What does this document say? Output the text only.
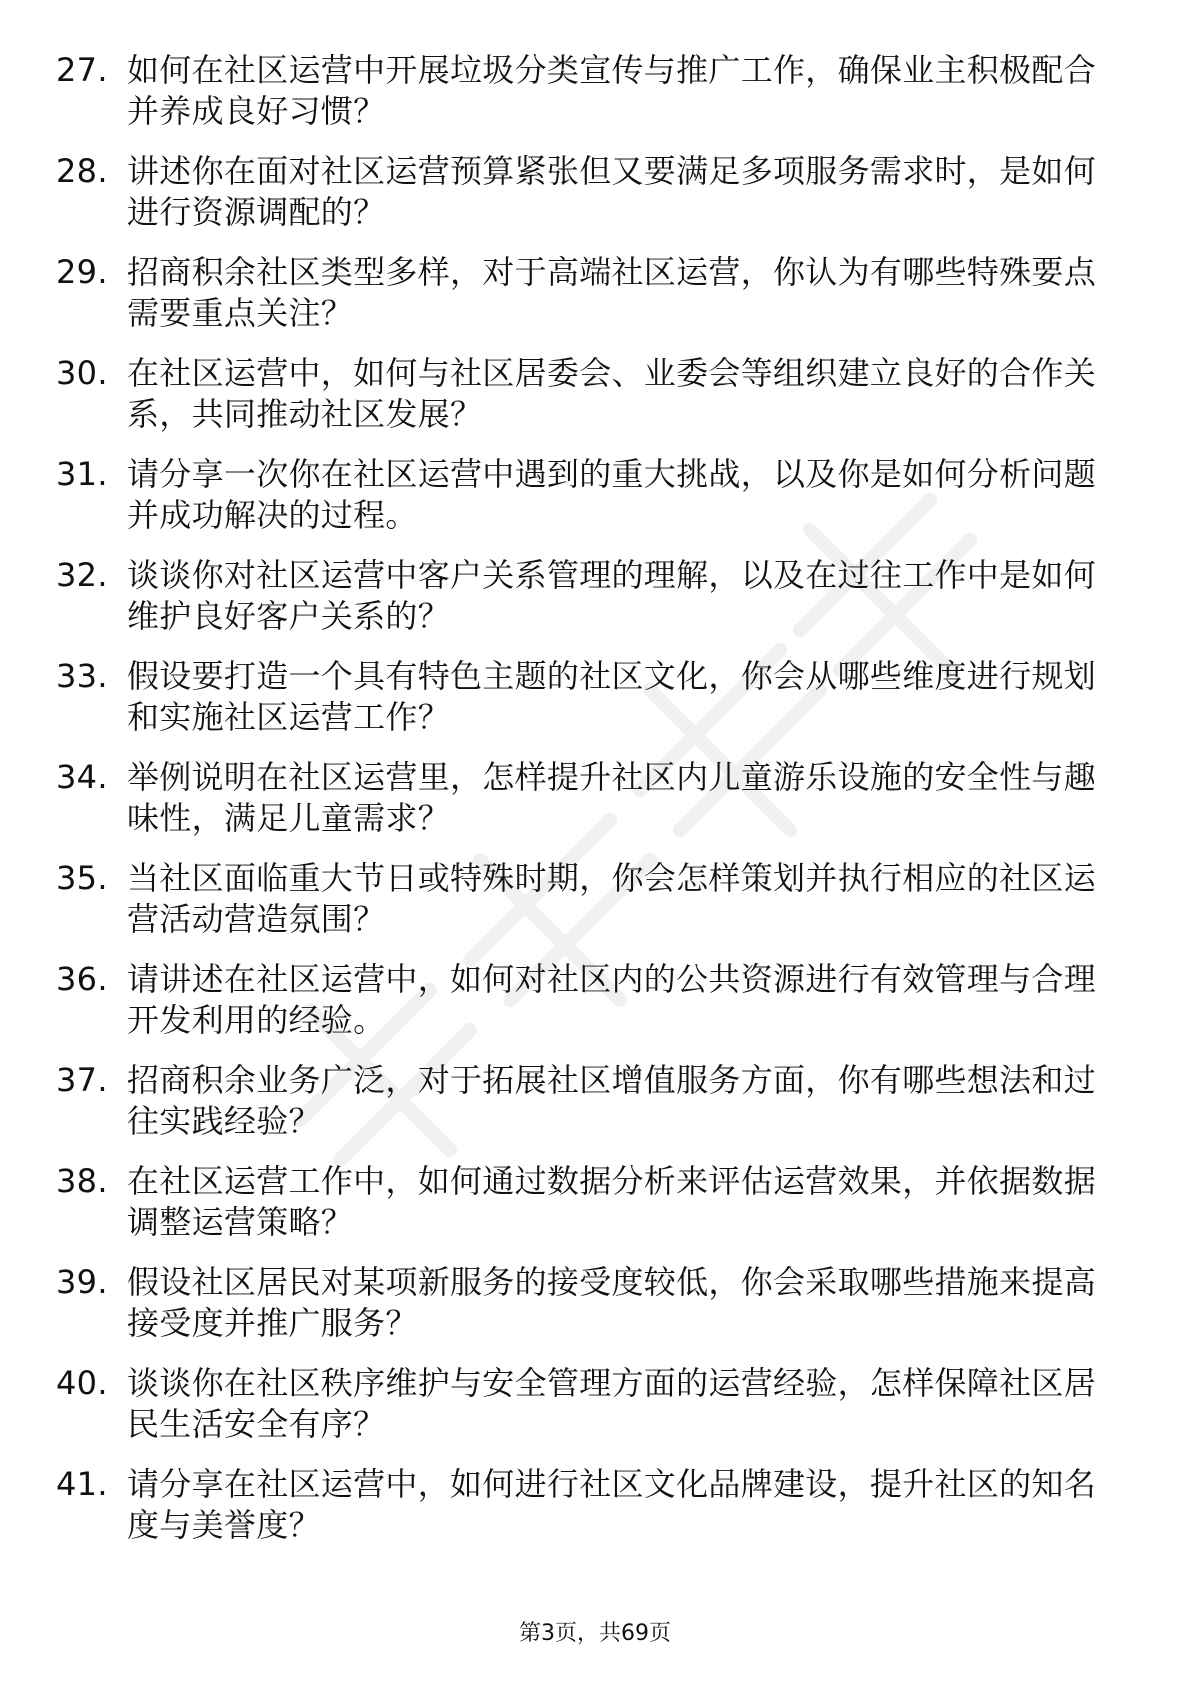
27. 如何在社区运营中开展垃圾分类宣传与推广工作，确保业主积极配合并养成良好习惯？
28. 讲述你在面对社区运营预算紧张但又要满足多项服务需求时，是如何进行资源调配的？
29. 招商积余社区类型多样，对于高端社区运营，你认为有哪些特殊要点需要重点关注？
30. 在社区运营中，如何与社区居委会、业委会等组织建立良好的合作关系，共同推动社区发展？
31. 请分享一次你在社区运营中遇到的重大挑战，以及你是如何分析问题并成功解决的过程。
32. 谈谈你对社区运营中客户关系管理的理解，以及在过往工作中是如何维护良好客户关系的？
33. 假设要打造一个具有特色主题的社区文化，你会从哪些维度进行规划和实施社区运营工作？
34. 举例说明在社区运营里，怎样提升社区内儿童游乐设施的安全性与趣味性，满足儿童需求？
35. 当社区面临重大节日或特殊时期，你会怎样策划并执行相应的社区运营活动营造氛围？
36. 请讲述在社区运营中，如何对社区内的公共资源进行有效管理与合理开发利用的经验。
37. 招商积余业务广泛，对于拓展社区增值服务方面，你有哪些想法和过往实践经验？
38. 在社区运营工作中，如何通过数据分析来评估运营效果，并依据数据调整运营策略？
39. 假设社区居民对某项新服务的接受度较低，你会采取哪些措施来提高接受度并推广服务？
40. 谈谈你在社区秩序维护与安全管理方面的运营经验，怎样保障社区居民生活安全有序？
41. 请分享在社区运营中，如何进行社区文化品牌建设，提升社区的知名度与美誉度？
第3页，共69页
